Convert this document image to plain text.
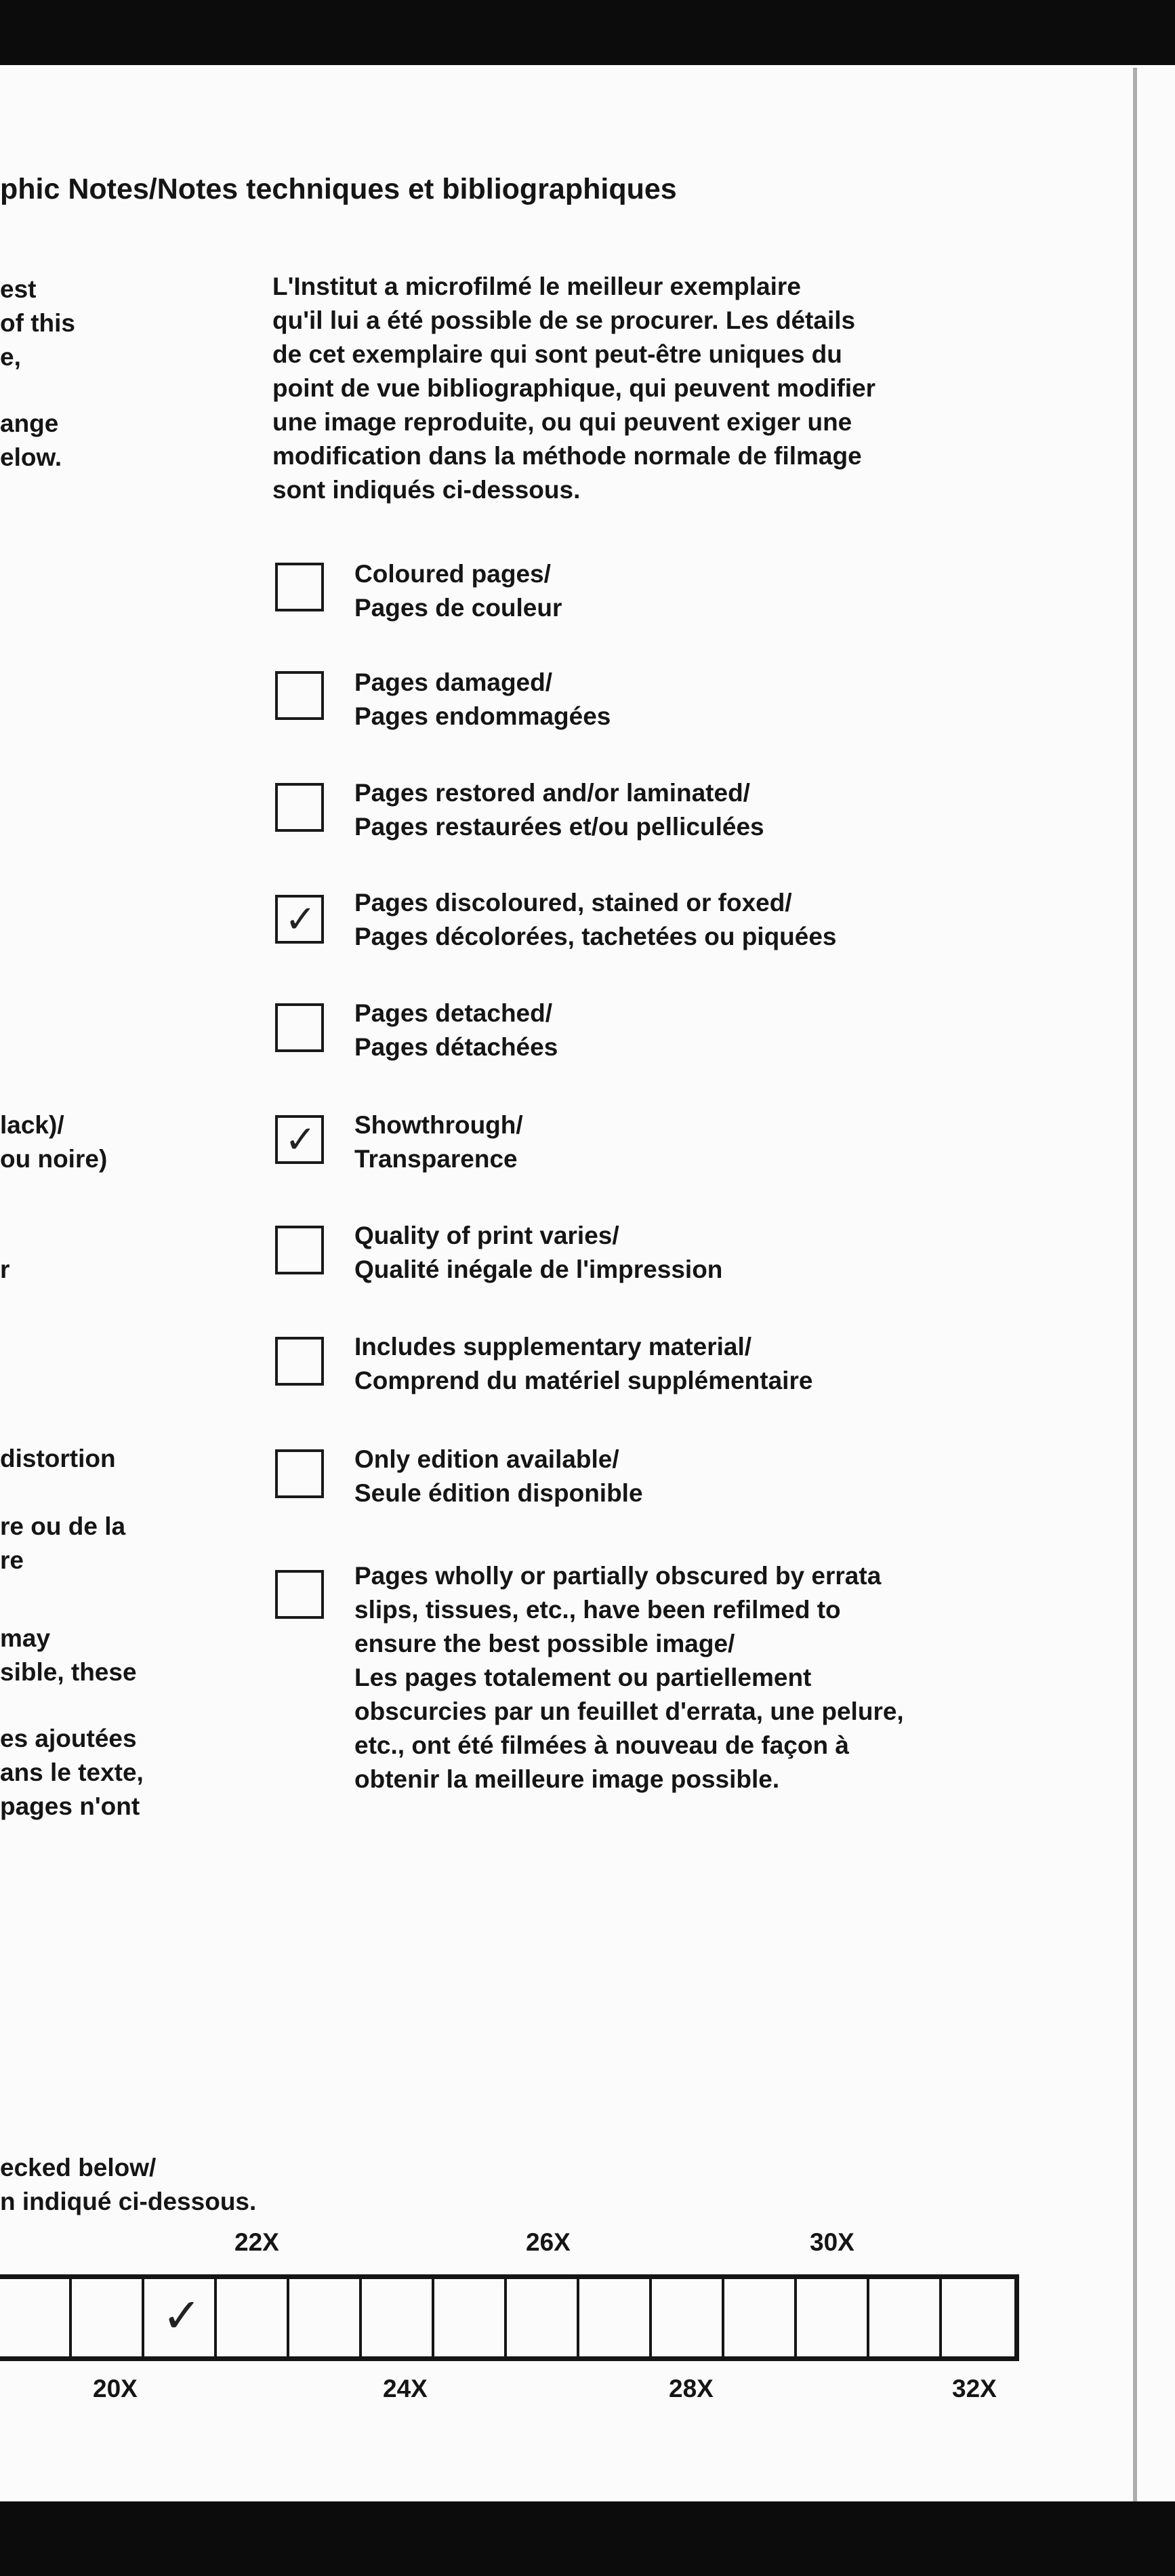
phic Notes/Notes techniques et bibliographiques
est
of this
e,
ange
elow.
lack)/
ou noire)
r
distortion
re ou de la
re
may
sible, these
es ajoutées
ans le texte,
pages n'ont
ecked below/
n indiqué ci-dessous.

L'Institut a microfilmé le meilleur exemplaire
qu'il lui a été possible de se procurer. Les détails
de cet exemplaire qui sont peut-être uniques du
point de vue bibliographique, qui peuvent modifier
une image reproduite, ou qui peuvent exiger une
modification dans la méthode normale de filmage
sont indiqués ci-dessous.

Coloured pages/
Pages de couleur

Pages damaged/
Pages endommagées

Pages restored and/or laminated/
Pages restaurées et/ou pelliculées

✓ Pages discoloured, stained or foxed/
Pages décolorées, tachetées ou piquées

Pages detached/
Pages détachées

✓ Showthrough/
Transparence

Quality of print varies/
Qualité inégale de l'impression

Includes supplementary material/
Comprend du matériel supplémentaire

Only edition available/
Seule édition disponible

Pages wholly or partially obscured by errata
slips, tissues, etc., have been refilmed to
ensure the best possible image/
Les pages totalement ou partiellement
obscurcies par un feuillet d'errata, une pelure,
etc., ont été filmées à nouveau de façon à
obtenir la meilleure image possible.

22X	26X	30X
✓
20X	24X	28X	32X
